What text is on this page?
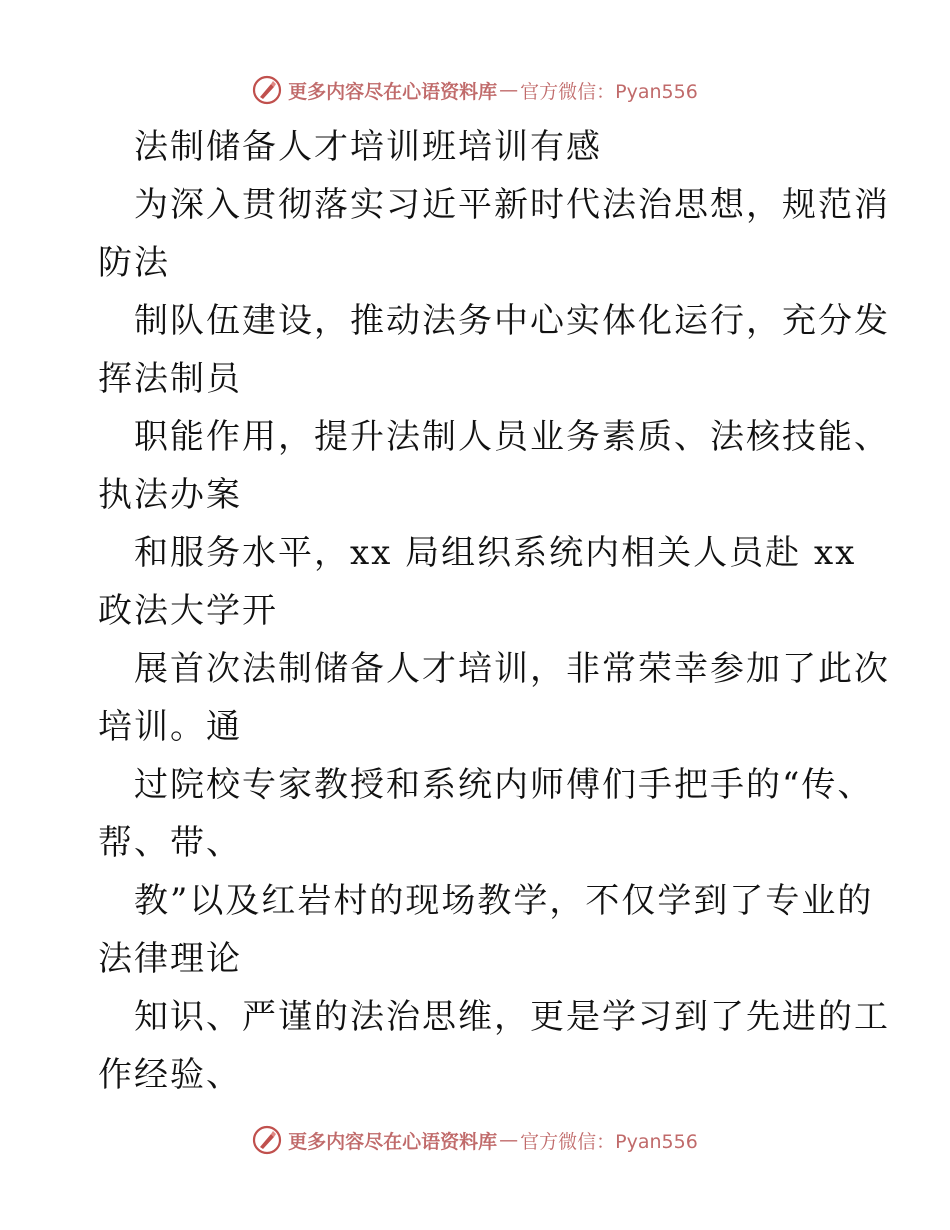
更多内容尽在心语资料库 — 官方微信：Pyan556
法制储备人才培训班培训有感
为深入贯彻落实习近平新时代法治思想，规范消
防法
制队伍建设，推动法务中心实体化运行，充分发
挥法制员
职能作用，提升法制人员业务素质、法核技能、
执法办案
和服务水平，xx 局组织系统内相关人员赴 xx
政法大学开
展首次法制储备人才培训，非常荣幸参加了此次
培训。通
过院校专家教授和系统内师傅们手把手的“传、
帮、带、
教”以及红岩村的现场教学，不仅学到了专业的
法律理论
知识、严谨的法治思维，更是学习到了先进的工
作经验、
更多内容尽在心语资料库 — 官方微信：Pyan556
